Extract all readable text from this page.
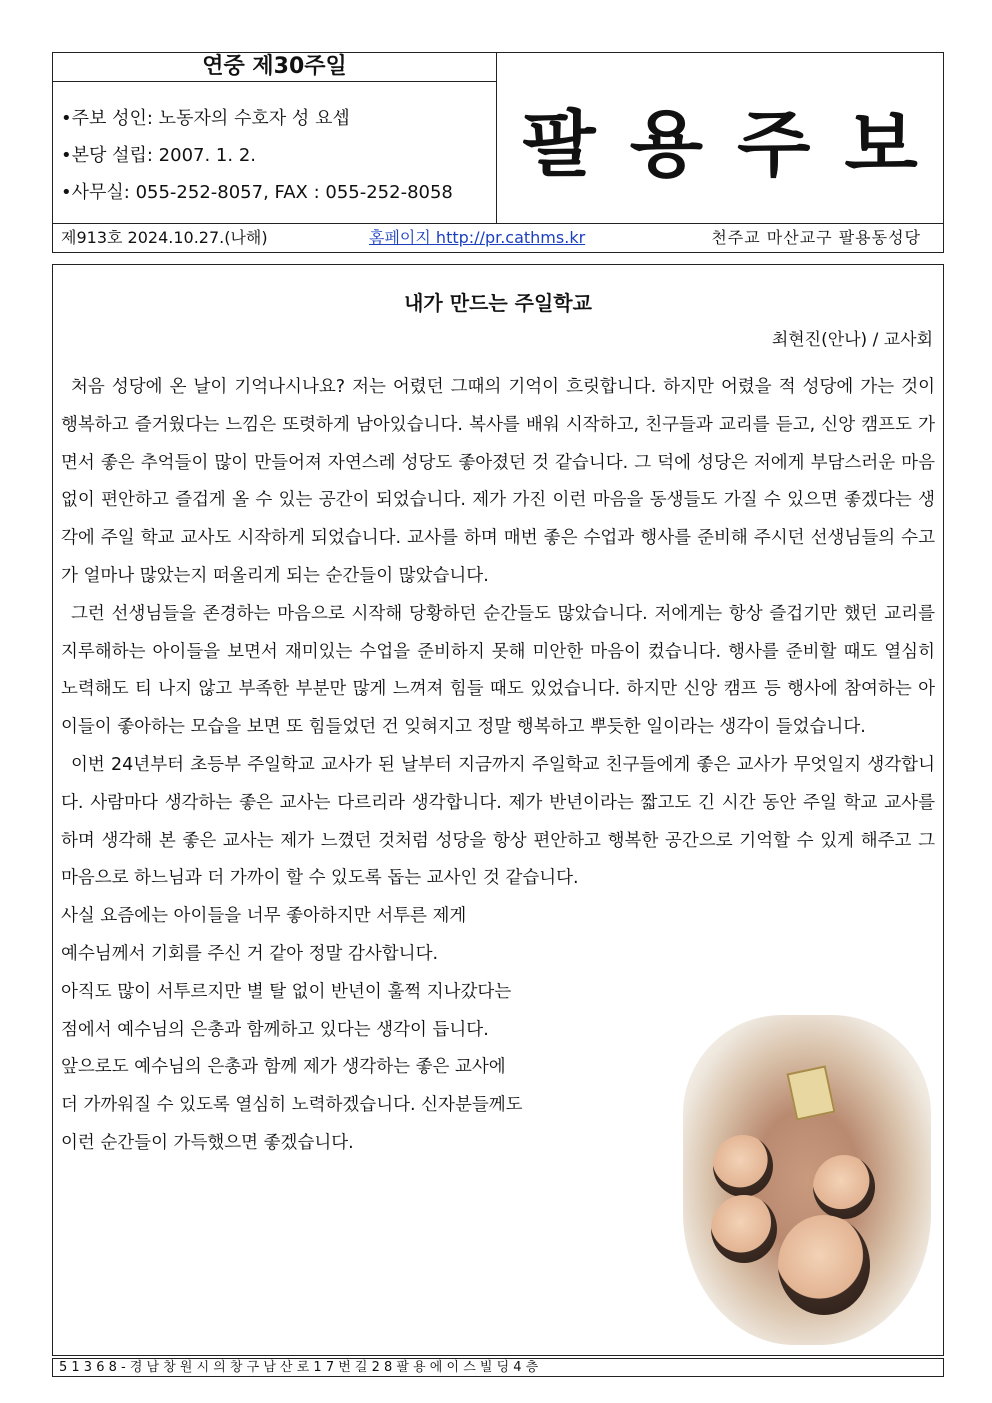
연중 제30주일
•주보 성인: 노동자의 수호자 성 요셉
•본당 설립: 2007. 1. 2.
•사무실: 055-252-8057, FAX : 055-252-8058
팔용주보
제913호 2024.10.27.(나해)	홈페이지 http://pr.cathms.kr	천주교 마산교구 팔용동성당
내가 만드는 주일학교
최현진(안나) / 교사회

처음 성당에 온 날이 기억나시나요? 저는 어렸던 그때의 기억이 흐릿합니다. 하지만 어렸을 적 성당에 가는 것이 행복하고 즐거웠다는 느낌은 또렷하게 남아있습니다. 복사를 배워 시작하고, 친구들과 교리를 듣고, 신앙 캠프도 가면서 좋은 추억들이 많이 만들어져 자연스레 성당도 좋아졌던 것 같습니다. 그 덕에 성당은 저에게 부담스러운 마음 없이 편안하고 즐겁게 올 수 있는 공간이 되었습니다. 제가 가진 이런 마음을 동생들도 가질 수 있으면 좋겠다는 생각에 주일 학교 교사도 시작하게 되었습니다. 교사를 하며 매번 좋은 수업과 행사를 준비해 주시던 선생님들의 수고가 얼마나 많았는지 떠올리게 되는 순간들이 많았습니다.

그런 선생님들을 존경하는 마음으로 시작해 당황하던 순간들도 많았습니다. 저에게는 항상 즐겁기만 했던 교리를 지루해하는 아이들을 보면서 재미있는 수업을 준비하지 못해 미안한 마음이 컸습니다. 행사를 준비할 때도 열심히 노력해도 티 나지 않고 부족한 부분만 많게 느껴져 힘들 때도 있었습니다. 하지만 신앙 캠프 등 행사에 참여하는 아이들이 좋아하는 모습을 보면 또 힘들었던 건 잊혀지고 정말 행복하고 뿌듯한 일이라는 생각이 들었습니다.

이번 24년부터 초등부 주일학교 교사가 된 날부터 지금까지 주일학교 친구들에게 좋은 교사가 무엇일지 생각합니다. 사람마다 생각하는 좋은 교사는 다르리라 생각합니다. 제가 반년이라는 짧고도 긴 시간 동안 주일 학교 교사를 하며 생각해 본 좋은 교사는 제가 느꼈던 것처럼 성당을 항상 편안하고 행복한 공간으로 기억할 수 있게 해주고 그 마음으로 하느님과 더 가까이 할 수 있도록 돕는 교사인 것 같습니다.

사실 요즘에는 아이들을 너무 좋아하지만 서투른 제게
예수님께서 기회를 주신 거 같아 정말 감사합니다.
아직도 많이 서투르지만 별 탈 없이 반년이 훌쩍 지나갔다는
점에서 예수님의 은총과 함께하고 있다는 생각이 듭니다.
앞으로도 예수님의 은총과 함께 제가 생각하는 좋은 교사에
더 가까워질 수 있도록 열심히 노력하겠습니다. 신자분들께도
이런 순간들이 가득했으면 좋겠습니다.

5 1 3 6 8 - 경 남 창 원 시 의 창 구 남 산 로 1 7 번 길 2 8 팔 용 에 이 스 빌 딩 4 층
